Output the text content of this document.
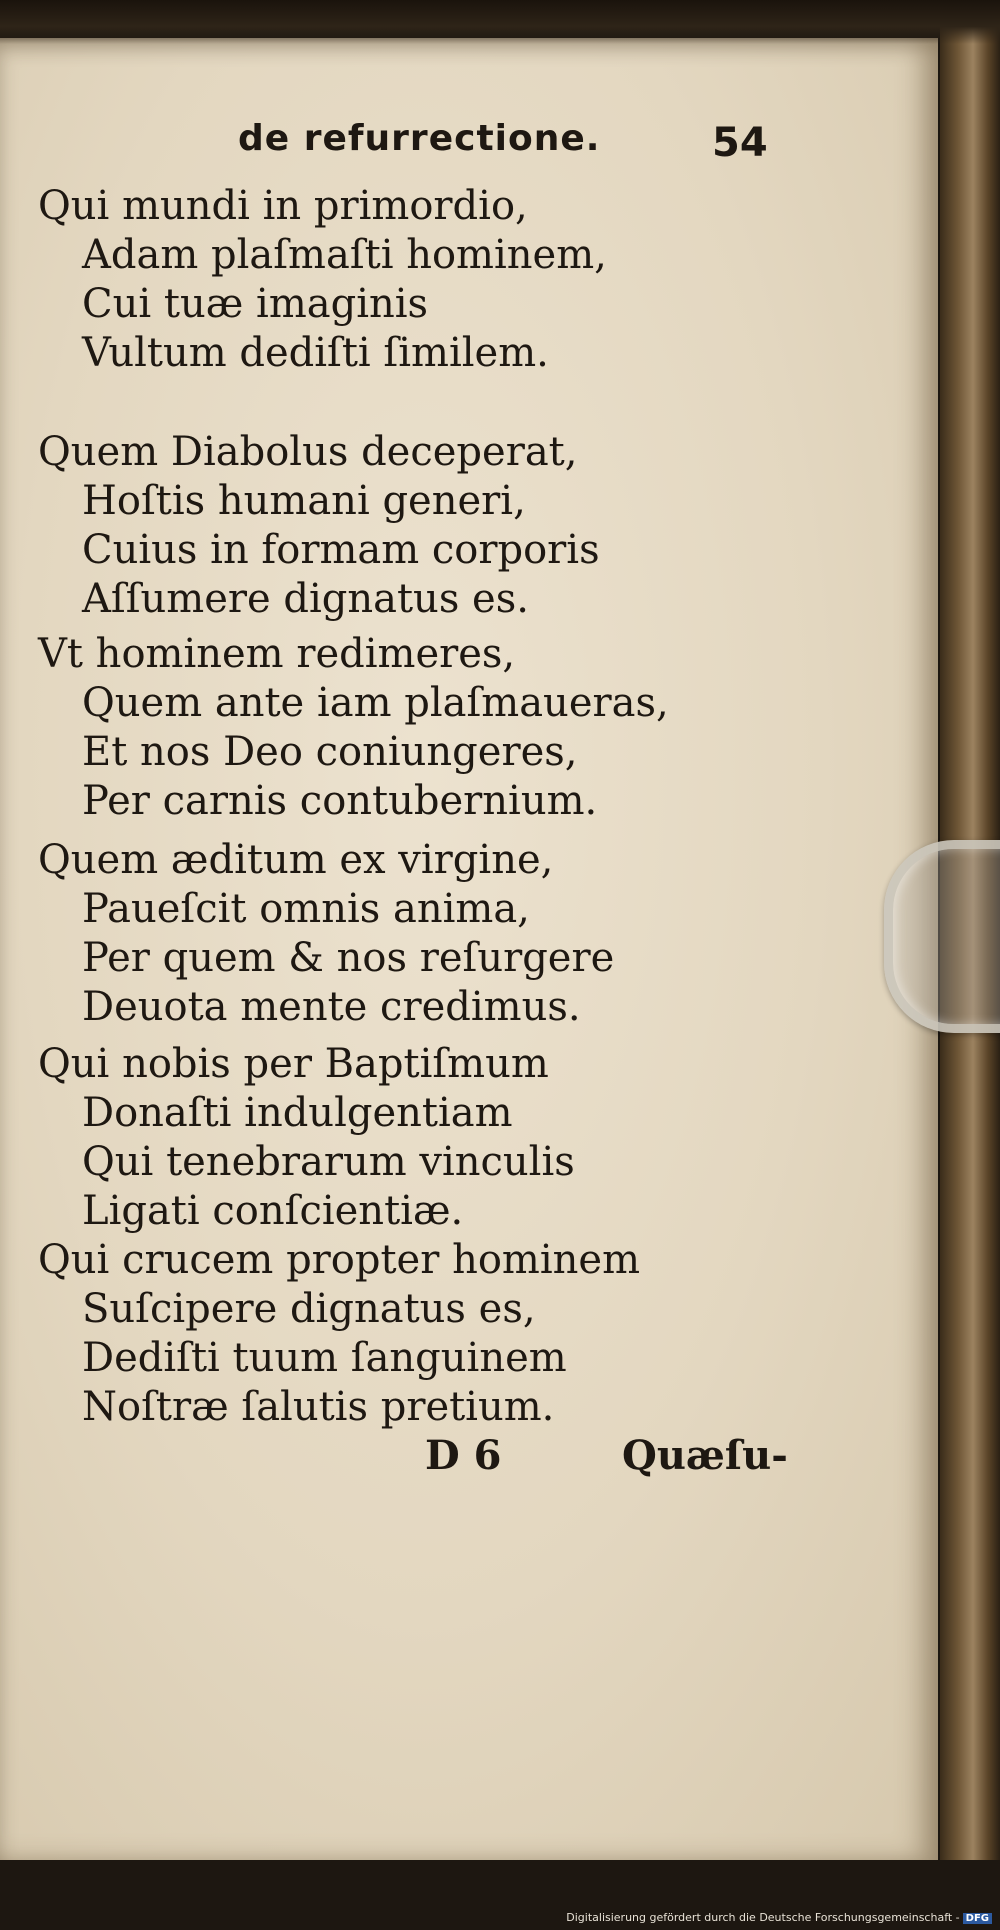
de refurrectione.	54
Qui mundi in primordio,
Adam plaſmaſti hominem,
Cui tuæ imaginis
Vultum dediſti ſimilem.
Quem Diabolus deceperat,
Hoſtis humani generi,
Cuius in formam corporis
Aſſumere dignatus es.
Vt hominem redimeres,
Quem ante iam plaſmaueras,
Et nos Deo coniungeres,
Per carnis contubernium.
Quem æditum ex virgine,
Paueſcit omnis anima,
Per quem & nos reſurgere
Deuota mente credimus.
Qui nobis per Baptiſmum
Donaſti indulgentiam
Qui tenebrarum vinculis
Ligati conſcientiæ.
Qui crucem propter hominem
Suſcipere dignatus es,
Dediſti tuum ſanguinem
Noſtræ ſalutis pretium.
D 6	Quæſu-
Digitalisierung gefördert durch die Deutsche Forschungsgemeinschaft - DFG
